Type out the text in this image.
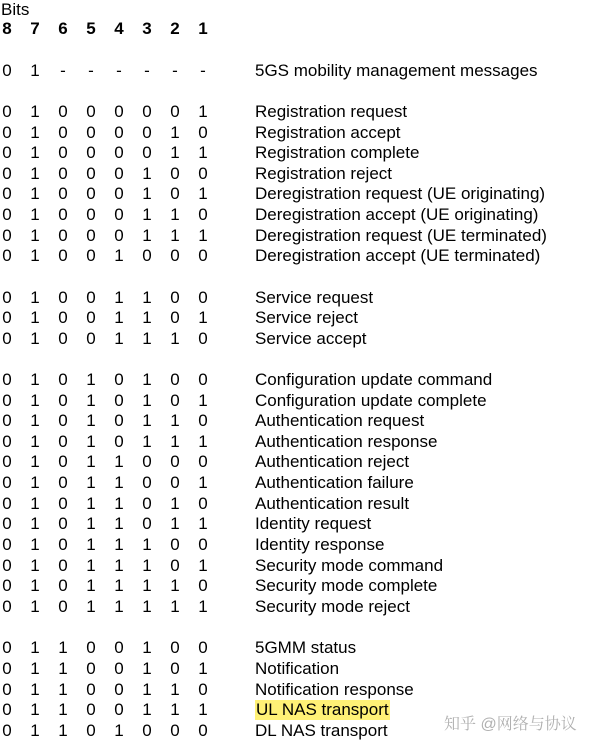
Bits
8 7 6 5 4 3 2 1
0 1 - - - - - -	5GS mobility management messages
0 1 0 0 0 0 0 1	Registration request
0 1 0 0 0 0 1 0	Registration accept
0 1 0 0 0 0 1 1	Registration complete
0 1 0 0 0 1 0 0	Registration reject
0 1 0 0 0 1 0 1	Deregistration request (UE originating)
0 1 0 0 0 1 1 0	Deregistration accept (UE originating)
0 1 0 0 0 1 1 1	Deregistration request (UE terminated)
0 1 0 0 1 0 0 0	Deregistration accept (UE terminated)
0 1 0 0 1 1 0 0	Service request
0 1 0 0 1 1 0 1	Service reject
0 1 0 0 1 1 1 0	Service accept
0 1 0 1 0 1 0 0	Configuration update command
0 1 0 1 0 1 0 1	Configuration update complete
0 1 0 1 0 1 1 0	Authentication request
0 1 0 1 0 1 1 1	Authentication response
0 1 0 1 1 0 0 0	Authentication reject
0 1 0 1 1 0 0 1	Authentication failure
0 1 0 1 1 0 1 0	Authentication result
0 1 0 1 1 0 1 1	Identity request
0 1 0 1 1 1 0 0	Identity response
0 1 0 1 1 1 0 1	Security mode command
0 1 0 1 1 1 1 0	Security mode complete
0 1 0 1 1 1 1 1	Security mode reject
0 1 1 0 0 1 0 0	5GMM status
0 1 1 0 0 1 0 1	Notification
0 1 1 0 0 1 1 0	Notification response
0 1 1 0 0 1 1 1	UL NAS transport
0 1 1 0 1 0 0 0	DL NAS transport	知乎 @网络与协议
